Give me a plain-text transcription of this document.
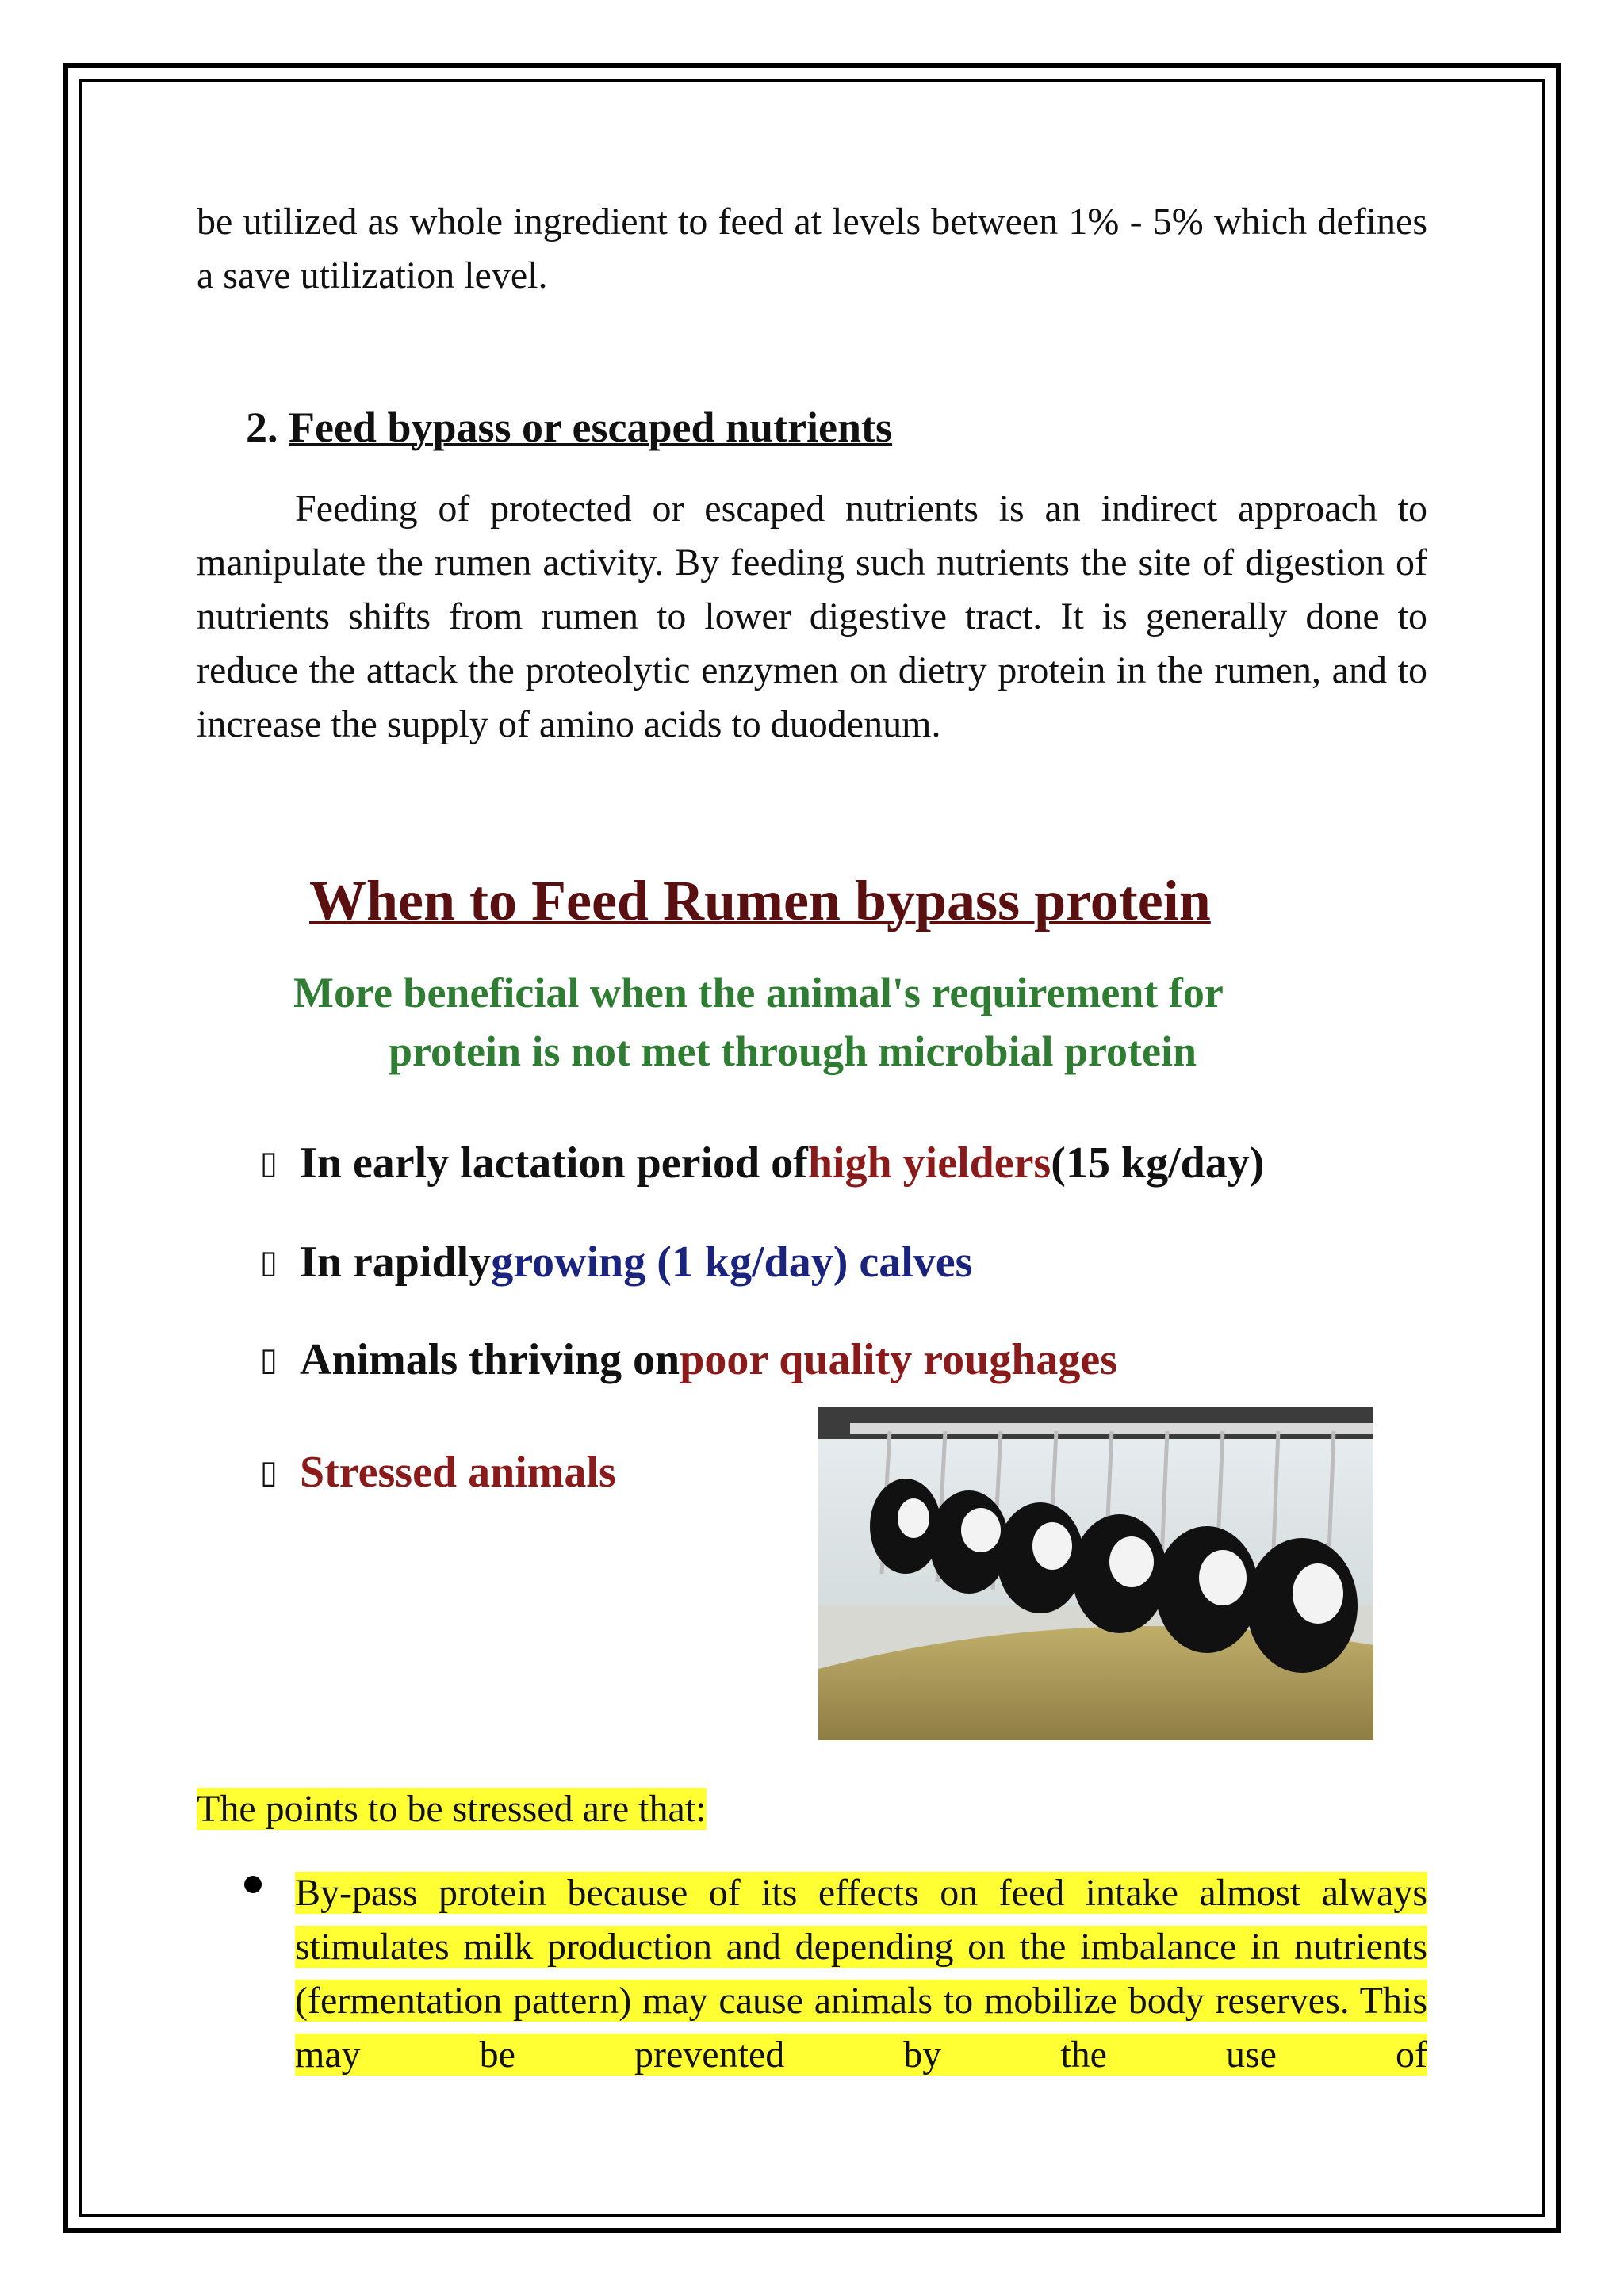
be utilized as whole ingredient to feed at levels between 1% - 5% which defines a save utilization level.

2. Feed bypass or escaped nutrients

Feeding of protected or escaped nutrients is an indirect approach to manipulate the rumen activity. By feeding such nutrients the site of digestion of nutrients shifts from rumen to lower digestive tract. It is generally done to reduce the attack the proteolytic enzymen on dietry protein in the rumen, and to increase the supply of amino acids to duodenum.

When to Feed Rumen bypass protein
More beneficial when the animal's requirement for
protein is not met through microbial protein
▯ In early lactation period of high yielders (15 kg/day)
▯ In rapidly growing (1 kg/day) calves
▯ Animals thriving on poor quality roughages
▯ Stressed animals
The points to be stressed are that:

By-pass protein because of its effects on feed intake almost always stimulates milk production and depending on the imbalance in nutrients (fermentation pattern) may cause animals to mobilize body reserves. This may be prevented by the use of
